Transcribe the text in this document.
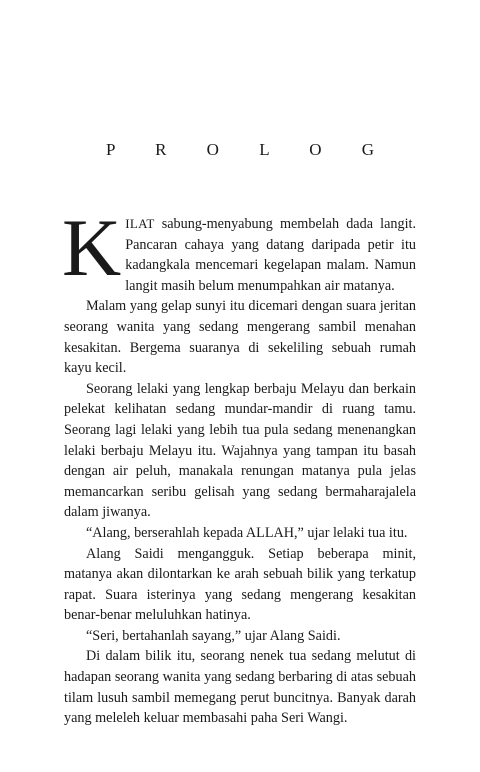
P R O L O G

KILAT sabung-menyabung membelah dada langit. Pancaran cahaya yang datang daripada petir itu kadangkala mencemari kegelapan malam. Namun langit masih belum menumpahkan air matanya.

Malam yang gelap sunyi itu dicemari dengan suara jeritan seorang wanita yang sedang mengerang sambil menahan kesakitan. Bergema suaranya di sekeliling sebuah rumah kayu kecil.

Seorang lelaki yang lengkap berbaju Melayu dan berkain pelekat kelihatan sedang mundar-mandir di ruang tamu. Seorang lagi lelaki yang lebih tua pula sedang menenangkan lelaki berbaju Melayu itu. Wajahnya yang tampan itu basah dengan air peluh, manakala renungan matanya pula jelas memancarkan seribu gelisah yang sedang bermaharajalela dalam jiwanya.

“Alang, berserahlah kepada ALLAH,” ujar lelaki tua itu.

Alang Saidi mengangguk. Setiap beberapa minit, matanya akan dilontarkan ke arah sebuah bilik yang terkatup rapat. Suara isterinya yang sedang mengerang kesakitan benar-benar meluluhkan hatinya.

“Seri, bertahanlah sayang,” ujar Alang Saidi.

Di dalam bilik itu, seorang nenek tua sedang melutut di hadapan seorang wanita yang sedang berbaring di atas sebuah tilam lusuh sambil memegang perut buncitnya. Banyak darah yang meleleh keluar membasahi paha Seri Wangi.
